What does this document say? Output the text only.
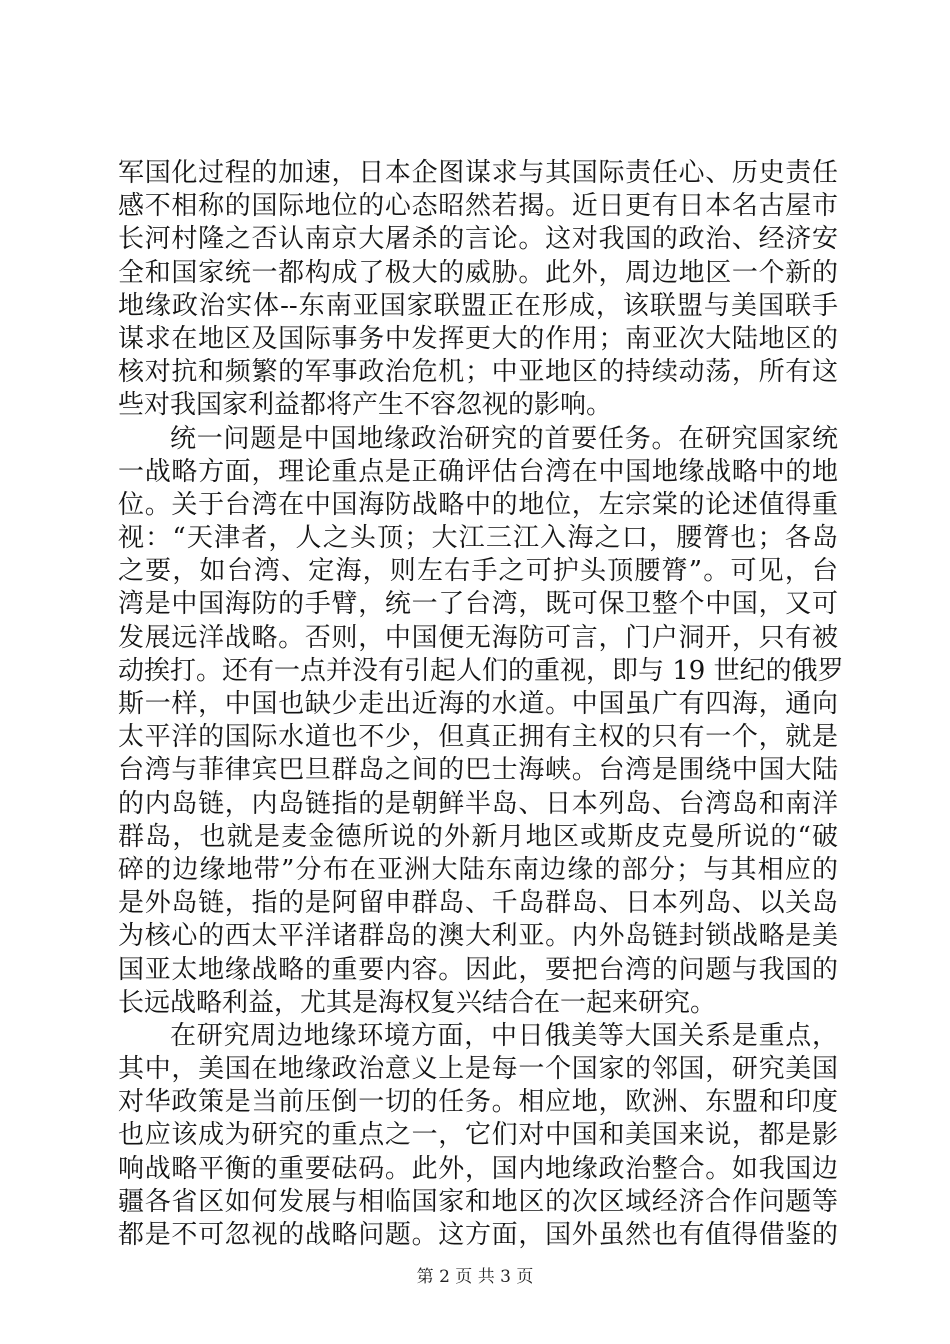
军国化过程的加速，日本企图谋求与其国际责任心、历史责任
感不相称的国际地位的心态昭然若揭。近日更有日本名古屋市
长河村隆之否认南京大屠杀的言论。这对我国的政治、经济安
全和国家统一都构成了极大的威胁。此外，周边地区一个新的
地缘政治实体--东南亚国家联盟正在形成，该联盟与美国联手
谋求在地区及国际事务中发挥更大的作用；南亚次大陆地区的
核对抗和频繁的军事政治危机；中亚地区的持续动荡，所有这
些对我国家利益都将产生不容忽视的影响。
统一问题是中国地缘政治研究的首要任务。在研究国家统
一战略方面，理论重点是正确评估台湾在中国地缘战略中的地
位。关于台湾在中国海防战略中的地位，左宗棠的论述值得重
视：“天津者，人之头顶；大江三江入海之口，腰膂也；各岛
之要，如台湾、定海，则左右手之可护头顶腰膂”。可见，台
湾是中国海防的手臂，统一了台湾，既可保卫整个中国，又可
发展远洋战略。否则，中国便无海防可言，门户洞开，只有被
动挨打。还有一点并没有引起人们的重视，即与 19 世纪的俄罗
斯一样，中国也缺少走出近海的水道。中国虽广有四海，通向
太平洋的国际水道也不少，但真正拥有主权的只有一个，就是
台湾与菲律宾巴旦群岛之间的巴士海峡。台湾是围绕中国大陆
的内岛链，内岛链指的是朝鲜半岛、日本列岛、台湾岛和南洋
群岛，也就是麦金德所说的外新月地区或斯皮克曼所说的“破
碎的边缘地带”分布在亚洲大陆东南边缘的部分；与其相应的
是外岛链，指的是阿留申群岛、千岛群岛、日本列岛、以关岛
为核心的西太平洋诸群岛的澳大利亚。内外岛链封锁战略是美
国亚太地缘战略的重要内容。因此，要把台湾的问题与我国的
长远战略利益，尤其是海权复兴结合在一起来研究。
在研究周边地缘环境方面，中日俄美等大国关系是重点，
其中，美国在地缘政治意义上是每一个国家的邻国，研究美国
对华政策是当前压倒一切的任务。相应地，欧洲、东盟和印度
也应该成为研究的重点之一，它们对中国和美国来说，都是影
响战略平衡的重要砝码。此外，国内地缘政治整合。如我国边
疆各省区如何发展与相临国家和地区的次区域经济合作问题等
都是不可忽视的战略问题。这方面，国外虽然也有值得借鉴的
第 2 页 共 3 页
